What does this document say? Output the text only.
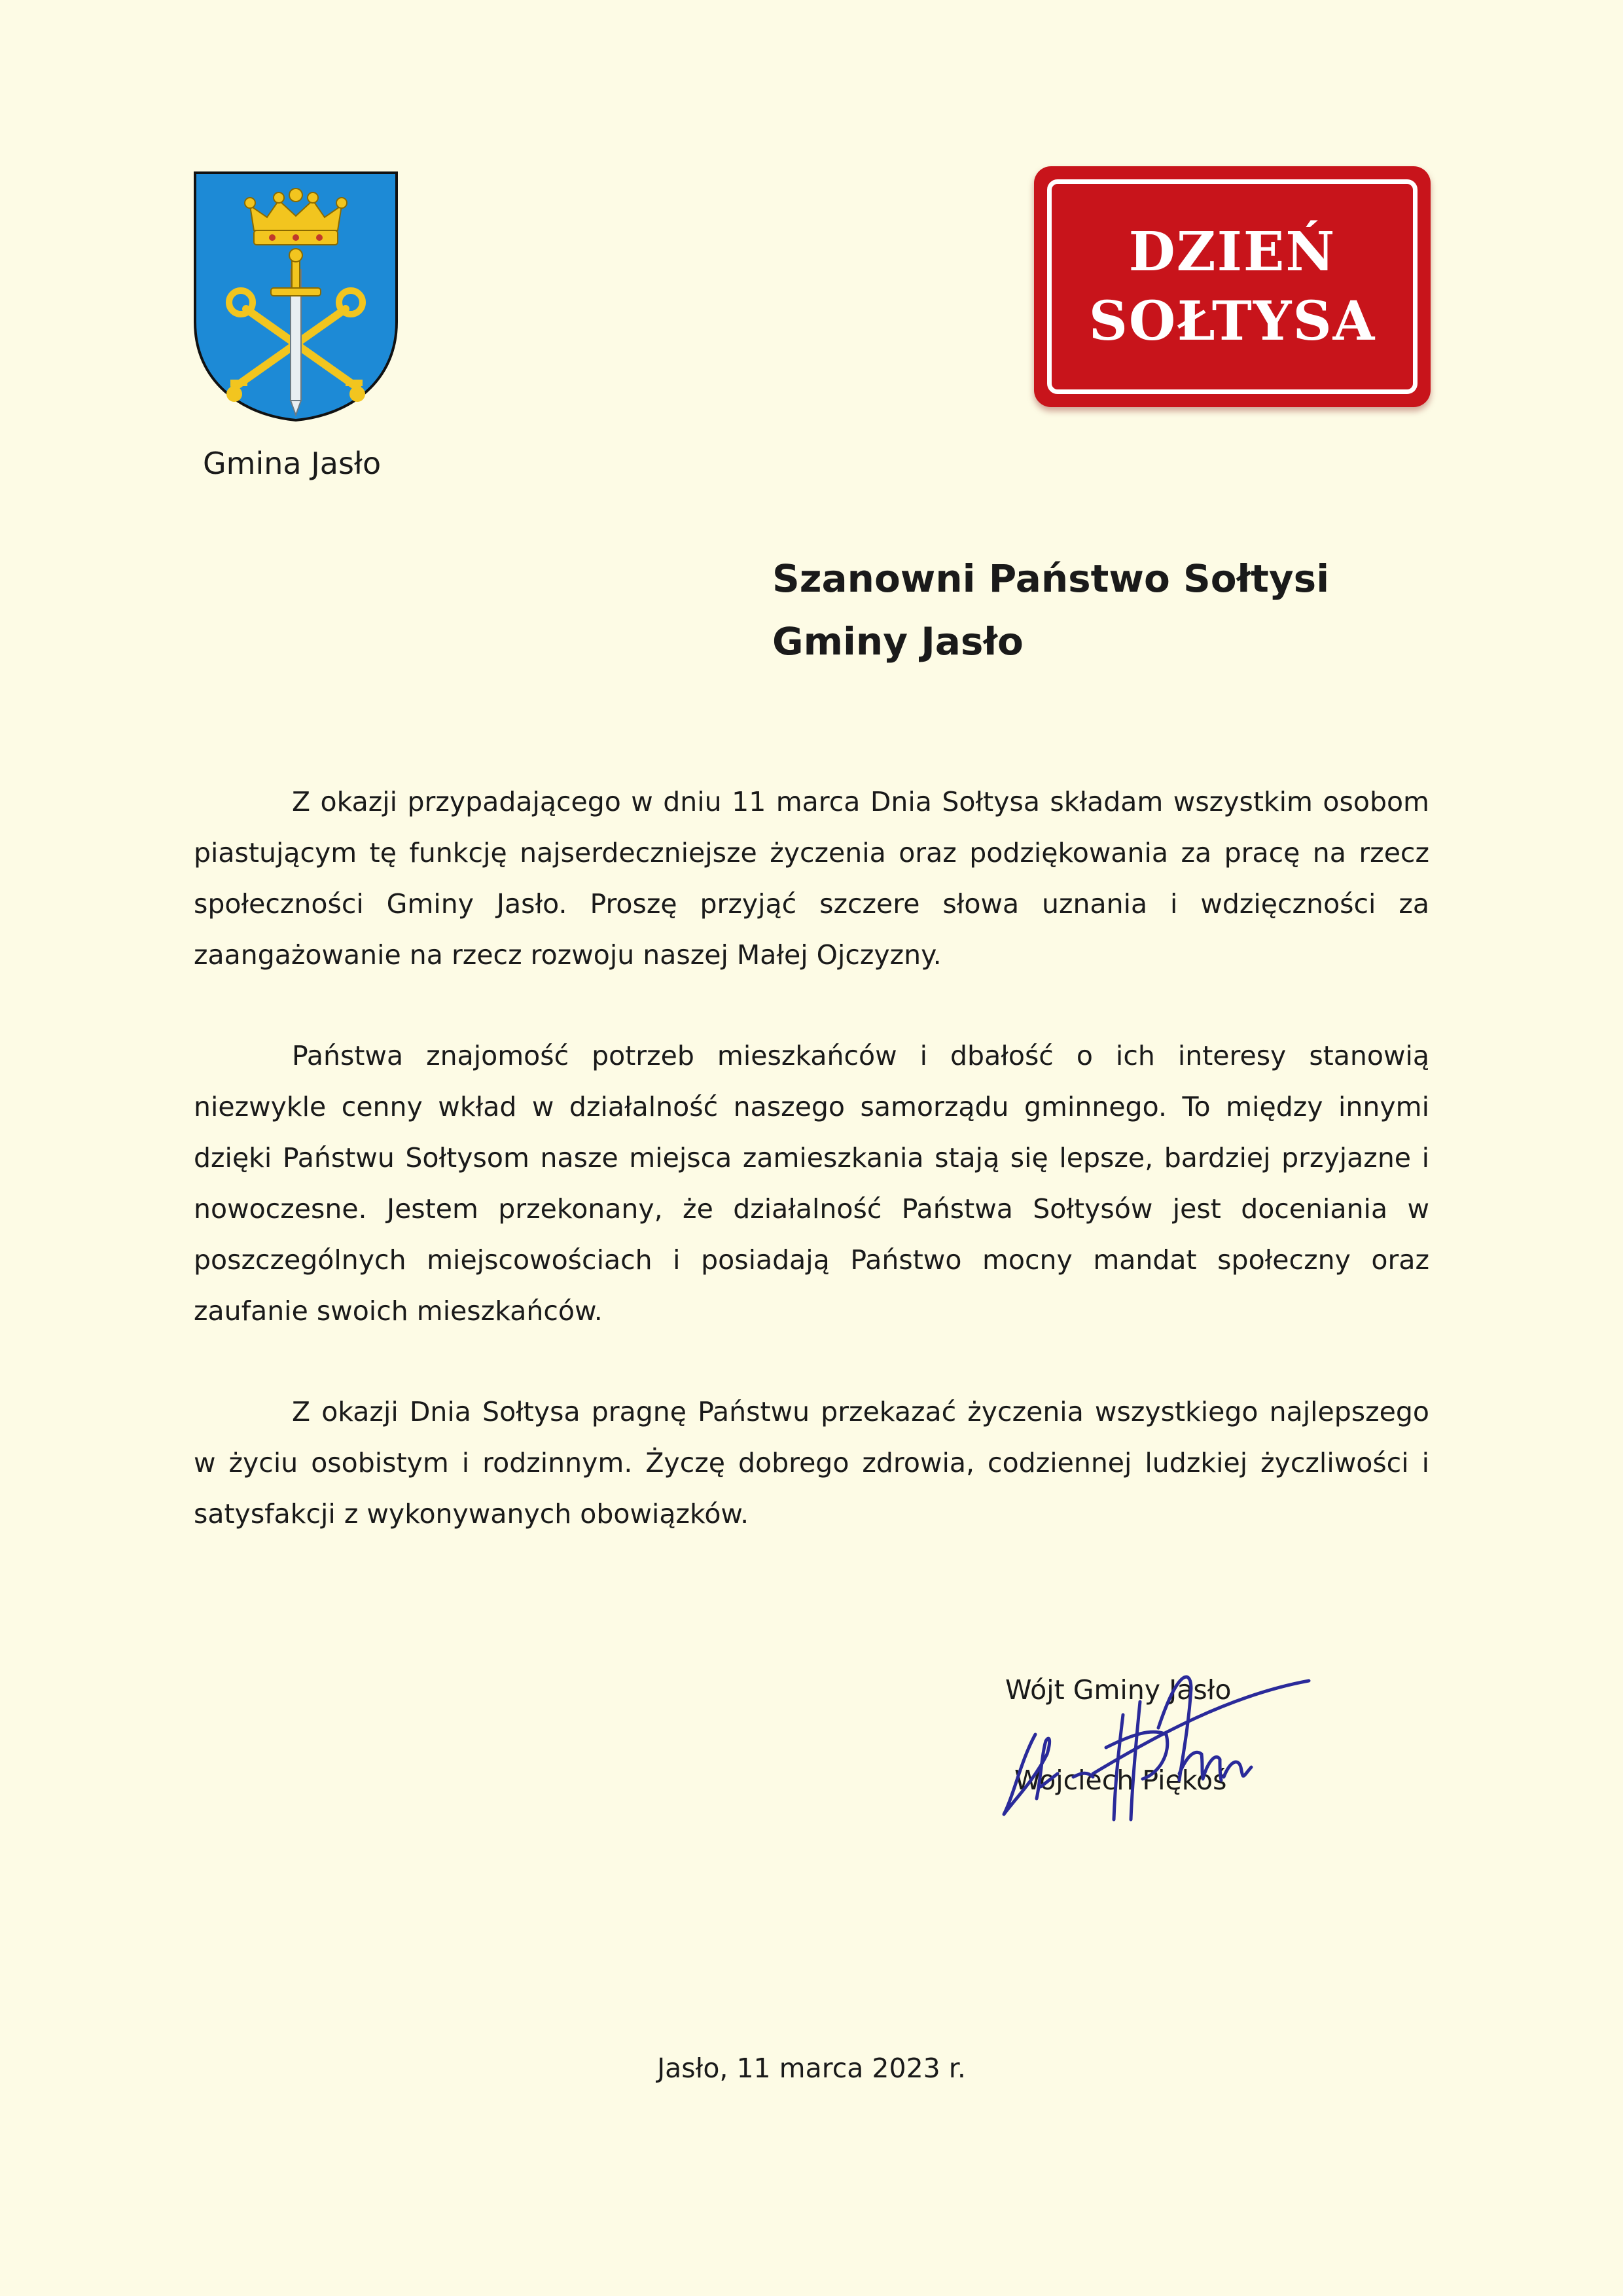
Gmina Jasło
DZIEŃ
SOŁTYSA
Szanowni Państwo Sołtysi
Gminy Jasło

Z okazji przypadającego w dniu 11 marca Dnia Sołtysa składam wszystkim osobom piastującym tę funkcję najserdeczniejsze życzenia oraz podziękowania za pracę na rzecz społeczności Gminy Jasło. Proszę przyjąć szczere słowa uznania i wdzięczności za zaangażowanie na rzecz rozwoju naszej Małej Ojczyzny.

Państwa znajomość potrzeb mieszkańców i dbałość o ich interesy stanowią niezwykle cenny wkład w działalność naszego samorządu gminnego. To między innymi dzięki Państwu Sołtysom nasze miejsca zamieszkania stają się lepsze, bardziej przyjazne i nowoczesne. Jestem przekonany, że działalność Państwa Sołtysów jest doceniania w poszczególnych miejscowościach i posiadają Państwo mocny mandat społeczny oraz zaufanie swoich mieszkańców.

Z okazji Dnia Sołtysa pragnę Państwu przekazać życzenia wszystkiego najlepszego w życiu osobistym i rodzinnym. Życzę dobrego zdrowia, codziennej ludzkiej życzliwości i satysfakcji z wykonywanych obowiązków.

Wójt Gminy Jasło
Wojciech Piękoś
Jasło, 11 marca 2023 r.
